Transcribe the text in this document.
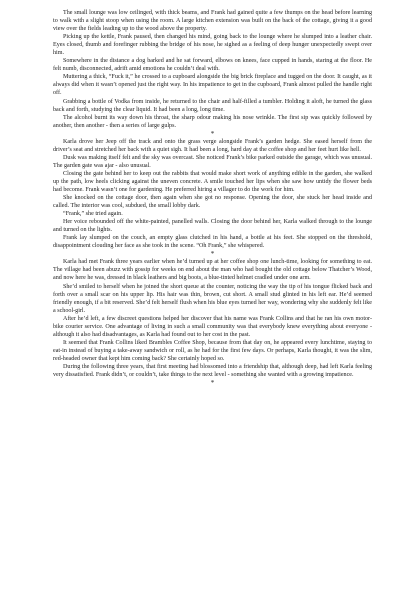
The small lounge was low ceilinged, with thick beams, and Frank had gained quite a few thumps on the head before learning to walk with a slight stoop when using the room. A large kitchen extension was built on the back of the cottage, giving it a good view over the fields leading up to the wood above the property.

Picking up the kettle, Frank paused, then changed his mind, going back to the lounge where he slumped into a leather chair. Eyes closed, thumb and forefinger rubbing the bridge of his nose, he sighed as a feeling of deep hunger unexpectedly swept over him.

Somewhere in the distance a dog barked and he sat forward, elbows on knees, face cupped in hands, staring at the floor. He felt numb, disconnected, adrift amid emotions he couldn’t deal with.

Muttering a thick, “Fuck it,” he crossed to a cupboard alongside the big brick fireplace and tugged on the door. It caught, as it always did when it wasn’t opened just the right way. In his impatience to get in the cupboard, Frank almost pulled the handle right off.

Grabbing a bottle of Vodka from inside, he returned to the chair and half-filled a tumbler. Holding it aloft, he turned the glass back and forth, studying the clear liquid. It had been a long, long time.

The alcohol burnt its way down his throat, the sharp odour making his nose wrinkle. The first sip was quickly followed by another, then another - then a series of large gulps.

*

Karla drove her Jeep off the track and onto the grass verge alongside Frank’s garden hedge. She eased herself from the driver’s seat and stretched her back with a quiet sigh. It had been a long, hard day at the coffee shop and her feet hurt like hell.

Dusk was making itself felt and the sky was overcast. She noticed Frank’s bike parked outside the garage, which was unusual. The garden gate was ajar - also unusual.

Closing the gate behind her to keep out the rabbits that would make short work of anything edible in the garden, she walked up the path, low heels clicking against the uneven concrete. A smile touched her lips when she saw how untidy the flower beds had become. Frank wasn’t one for gardening. He preferred hiring a villager to do the work for him.

She knocked on the cottage door, then again when she got no response. Opening the door, she stuck her head inside and called. The interior was cool, subdued, the small lobby dark.

“Frank,” she tried again.

Her voice rebounded off the white-painted, panelled walls. Closing the door behind her, Karla walked through to the lounge and turned on the lights.

Frank lay slumped on the couch, an empty glass clutched in his hand, a bottle at his feet. She stopped on the threshold, disappointment clouding her face as she took in the scene. “Oh Frank,” she whispered.

*

Karla had met Frank three years earlier when he’d turned up at her coffee shop one lunch-time, looking for something to eat. The village had been abuzz with gossip for weeks on end about the man who had bought the old cottage below Thatcher’s Wood, and now here he was, dressed in black leathers and big boots, a blue-tinted helmet cradled under one arm.

She’d smiled to herself when he joined the short queue at the counter, noticing the way the tip of his tongue flicked back and forth over a small scar on his upper lip. His hair was thin, brown, cut short. A small stud glinted in his left ear. He’d seemed friendly enough, if a bit reserved. She’d felt herself flush when his blue eyes turned her way, wondering why she suddenly felt like a school-girl.

After he’d left, a few discreet questions helped her discover that his name was Frank Collins and that he ran his own motor-bike courier service. One advantage of living in such a small community was that everybody knew everything about everyone - although it also had disadvantages, as Karla had found out to her cost in the past.

It seemed that Frank Collins liked Brambles Coffee Shop, because from that day on, he appeared every lunchtime, staying to eat-in instead of buying a take-away sandwich or roll, as he had for the first few days. Or perhaps, Karla thought, it was the slim, red-headed owner that kept him coming back? She certainly hoped so.

During the following three years, that first meeting had blossomed into a friendship that, although deep, had left Karla feeling very dissatisfied. Frank didn’t, or couldn’t, take things to the next level - something she wanted with a growing impatience.

*
